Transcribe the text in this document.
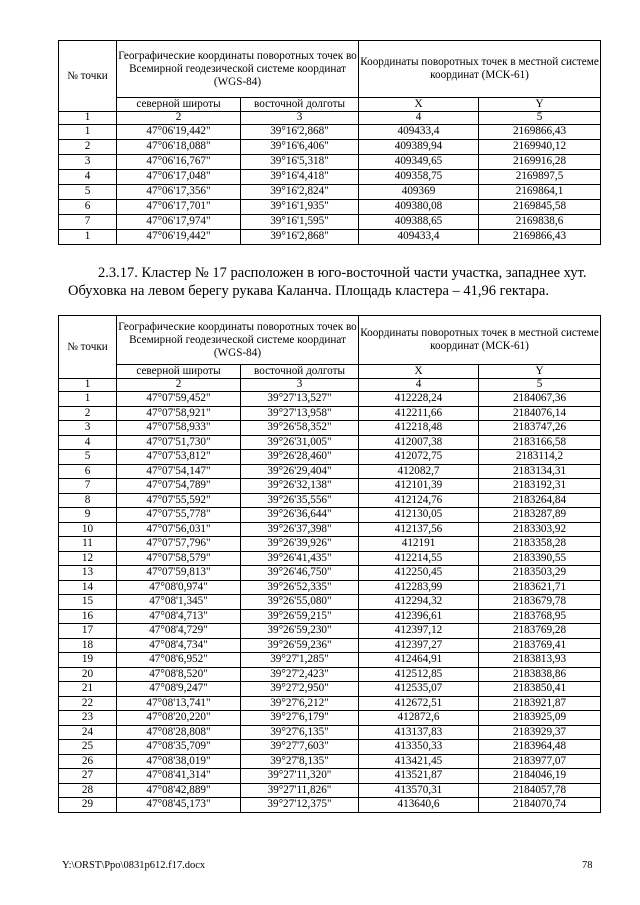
№ точки	Географические координаты поворотных точек во Всемирной геодезической системе координат (WGS-84)		Координаты поворотных точек в местной системе координат (МСК-61)	
	северной широты	восточной долготы	X	Y
1	2	3	4	5
1	47°06'19,442"	39°16'2,868"	409433,4	2169866,43
2	47°06'18,088"	39°16'6,406"	409389,94	2169940,12
3	47°06'16,767"	39°16'5,318"	409349,65	2169916,28
4	47°06'17,048"	39°16'4,418"	409358,75	2169897,5
5	47°06'17,356"	39°16'2,824"	409369	2169864,1
6	47°06'17,701"	39°16'1,935"	409380,08	2169845,58
7	47°06'17,974"	39°16'1,595"	409388,65	2169838,6
1	47°06'19,442"	39°16'2,868"	409433,4	2169866,43
2.3.17. Кластер № 17 расположен в юго-восточной части участка, западнее хут. Обуховка на левом берегу рукава Каланча. Площадь кластера – 41,96 гектара.
№ точки	Географические координаты поворотных точек во Всемирной геодезической системе координат (WGS-84)		Координаты поворотных точек в местной системе координат (МСК-61)	
	северной широты	восточной долготы	X	Y
1	2	3	4	5
1	47°07'59,452"	39°27'13,527"	412228,24	2184067,36
2	47°07'58,921"	39°27'13,958"	412211,66	2184076,14
3	47°07'58,933"	39°26'58,352"	412218,48	2183747,26
4	47°07'51,730"	39°26'31,005"	412007,38	2183166,58
5	47°07'53,812"	39°26'28,460"	412072,75	2183114,2
6	47°07'54,147"	39°26'29,404"	412082,7	2183134,31
7	47°07'54,789"	39°26'32,138"	412101,39	2183192,31
8	47°07'55,592"	39°26'35,556"	412124,76	2183264,84
9	47°07'55,778"	39°26'36,644"	412130,05	2183287,89
10	47°07'56,031"	39°26'37,398"	412137,56	2183303,92
11	47°07'57,796"	39°26'39,926"	412191	2183358,28
12	47°07'58,579"	39°26'41,435"	412214,55	2183390,55
13	47°07'59,813"	39°26'46,750"	412250,45	2183503,29
14	47°08'0,974"	39°26'52,335"	412283,99	2183621,71
15	47°08'1,345"	39°26'55,080"	412294,32	2183679,78
16	47°08'4,713"	39°26'59,215"	412396,61	2183768,95
17	47°08'4,729"	39°26'59,230"	412397,12	2183769,28
18	47°08'4,734"	39°26'59,236"	412397,27	2183769,41
19	47°08'6,952"	39°27'1,285"	412464,91	2183813,93
20	47°08'8,520"	39°27'2,423"	412512,85	2183838,86
21	47°08'9,247"	39°27'2,950"	412535,07	2183850,41
22	47°08'13,741"	39°27'6,212"	412672,51	2183921,87
23	47°08'20,220"	39°27'6,179"	412872,6	2183925,09
24	47°08'28,808"	39°27'6,135"	413137,83	2183929,37
25	47°08'35,709"	39°27'7,603"	413350,33	2183964,48
26	47°08'38,019"	39°27'8,135"	413421,45	2183977,07
27	47°08'41,314"	39°27'11,320"	413521,87	2184046,19
28	47°08'42,889"	39°27'11,826"	413570,31	2184057,78
29	47°08'45,173"	39°27'12,375"	413640,6	2184070,74
Y:\ORST\Ppo\0831p612.f17.docx	78
